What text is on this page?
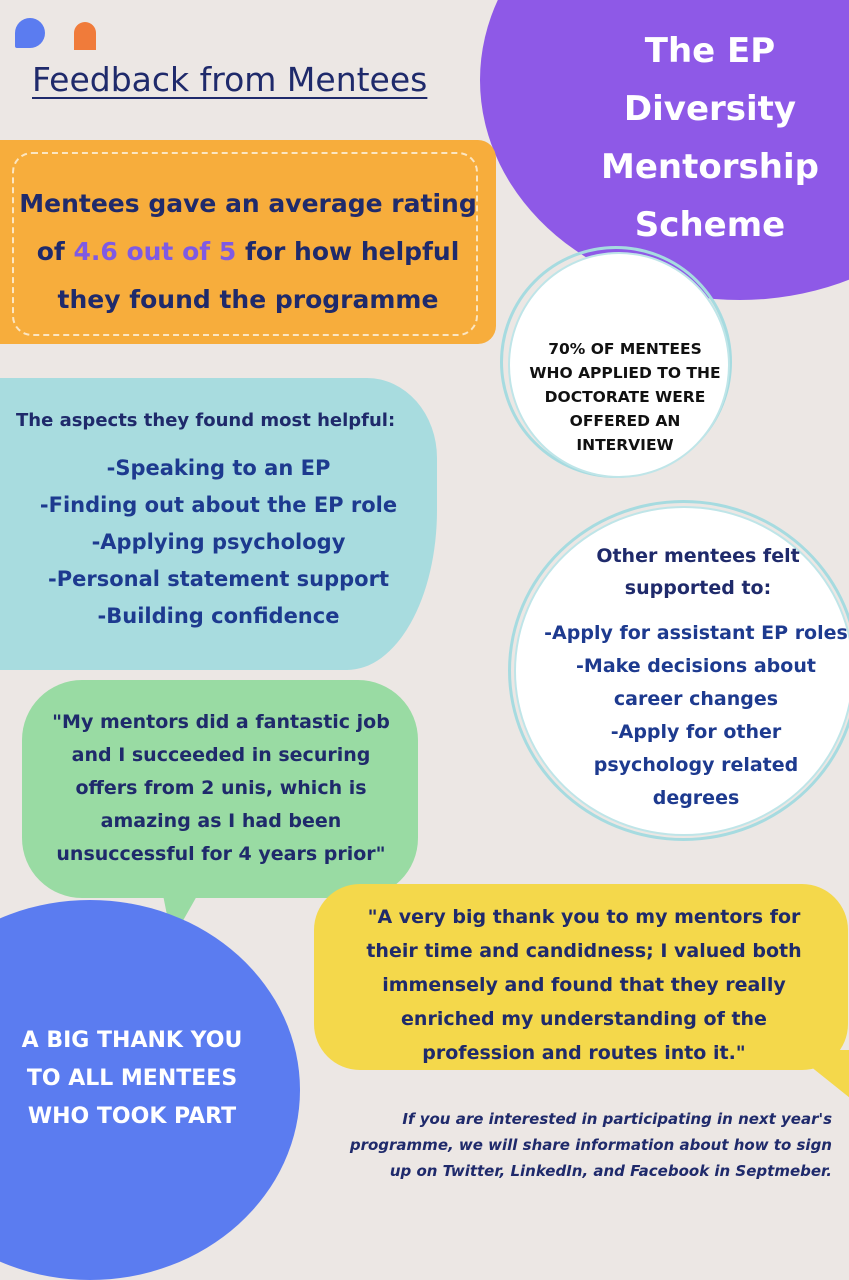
Feedback from Mentees
The EP
Diversity
Mentorship
Scheme
Mentees gave an average rating
of 4.6 out of 5 for how helpful
they found the programme
70% OF MENTEES
WHO APPLIED TO THE
DOCTORATE WERE
OFFERED AN
INTERVIEW
The aspects they found most helpful:
-Speaking to an EP
-Finding out about the EP role
-Applying psychology
-Personal statement support
-Building confidence
Other mentees felt
supported to:
-Apply for assistant EP roles
-Make decisions about
career changes
-Apply for other
psychology related
degrees
"My mentors did a fantastic job
and I succeeded in securing
offers from 2 unis, which is
amazing as I had been
unsuccessful for 4 years prior"
A BIG THANK YOU
TO ALL MENTEES
WHO TOOK PART
"A very big thank you to my mentors for
their time and candidness; I valued both
immensely and found that they really
enriched my understanding of the
profession and routes into it."
If you are interested in participating in next year's
programme, we will share information about how to sign
up on Twitter, LinkedIn, and Facebook in Septmeber.
